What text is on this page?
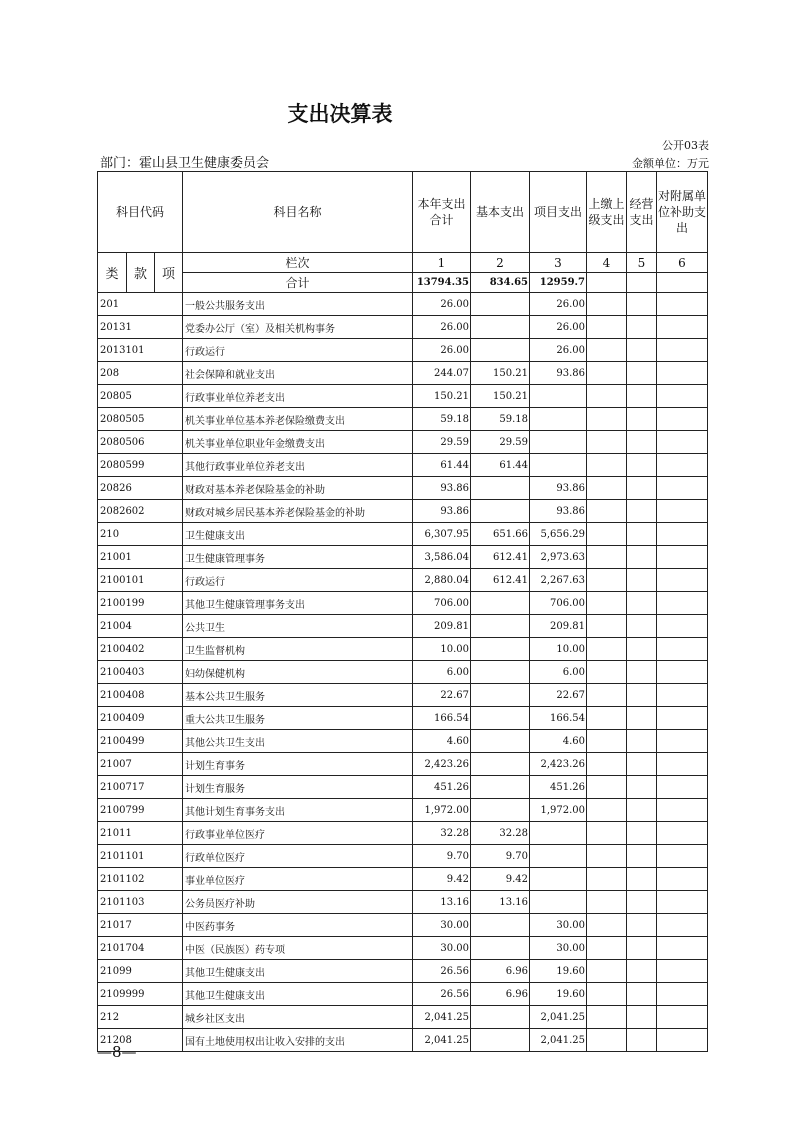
支出决算表
公开03表
部门：霍山县卫生健康委员会	金额单位：万元
科目代码			科目名称	本年支出合计	基本支出	项目支出	上缴上级支出	经营支出	对附属单位补助支出
类	款	项	栏次	1	2	3	4	5	6
			合计	13794.35	834.65	12959.7			
201			一般公共服务支出	26.00		26.00			
20131			党委办公厅（室）及相关机构事务	26.00		26.00			
2013101			行政运行	26.00		26.00			
208			社会保障和就业支出	244.07	150.21	93.86			
20805			行政事业单位养老支出	150.21	150.21				
2080505			机关事业单位基本养老保险缴费支出	59.18	59.18				
2080506			机关事业单位职业年金缴费支出	29.59	29.59				
2080599			其他行政事业单位养老支出	61.44	61.44				
20826			财政对基本养老保险基金的补助	93.86		93.86			
2082602			财政对城乡居民基本养老保险基金的补助	93.86		93.86			
210			卫生健康支出	6,307.95	651.66	5,656.29			
21001			卫生健康管理事务	3,586.04	612.41	2,973.63			
2100101			行政运行	2,880.04	612.41	2,267.63			
2100199			其他卫生健康管理事务支出	706.00		706.00			
21004			公共卫生	209.81		209.81			
2100402			卫生监督机构	10.00		10.00			
2100403			妇幼保健机构	6.00		6.00			
2100408			基本公共卫生服务	22.67		22.67			
2100409			重大公共卫生服务	166.54		166.54			
2100499			其他公共卫生支出	4.60		4.60			
21007			计划生育事务	2,423.26		2,423.26			
2100717			计划生育服务	451.26		451.26			
2100799			其他计划生育事务支出	1,972.00		1,972.00			
21011			行政事业单位医疗	32.28	32.28				
2101101			行政单位医疗	9.70	9.70				
2101102			事业单位医疗	9.42	9.42				
2101103			公务员医疗补助	13.16	13.16				
21017			中医药事务	30.00		30.00			
2101704			中医（民族医）药专项	30.00		30.00			
21099			其他卫生健康支出	26.56	6.96	19.60			
2109999			其他卫生健康支出	26.56	6.96	19.60			
212			城乡社区支出	2,041.25		2,041.25			
21208			国有土地使用权出让收入安排的支出	2,041.25		2,041.25			
—8—
